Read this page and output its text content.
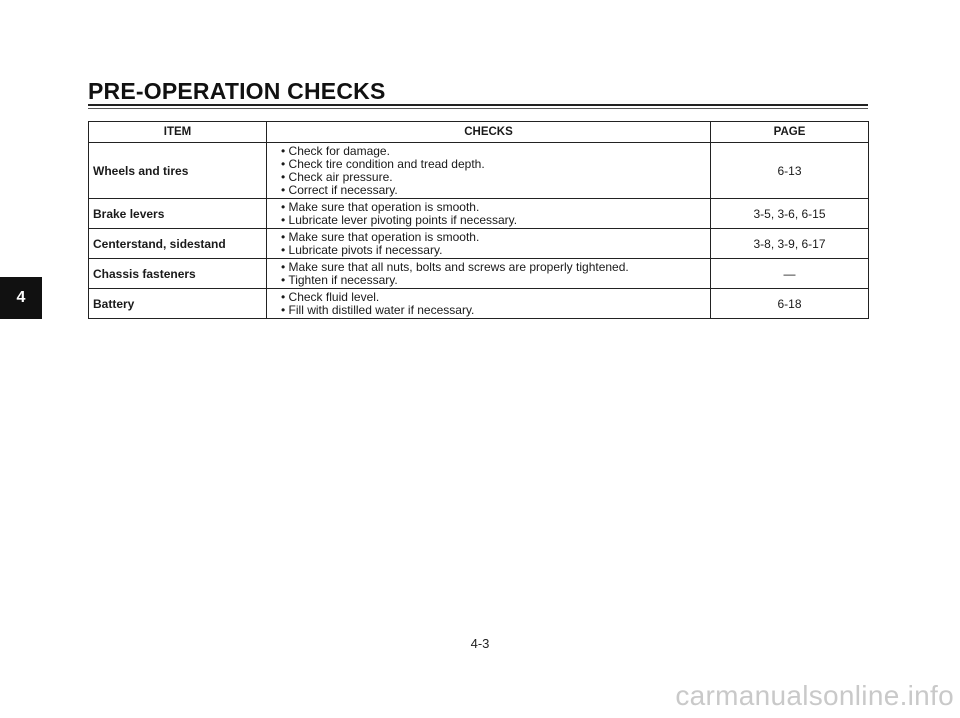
PRE-OPERATION CHECKS
4
ITEM	CHECKS	PAGE
Wheels and tires	• Check for damage.
• Check tire condition and tread depth.
• Check air pressure.
• Correct if necessary.	6-13
Brake levers	• Make sure that operation is smooth.
• Lubricate lever pivoting points if necessary.	3-5, 3-6, 6-15
Centerstand, sidestand	• Make sure that operation is smooth.
• Lubricate pivots if necessary.	3-8, 3-9, 6-17
Chassis fasteners	• Make sure that all nuts, bolts and screws are properly tightened.
• Tighten if necessary.	—
Battery	• Check fluid level.
• Fill with distilled water if necessary.	6-18
4-3
carmanualsonline.info
